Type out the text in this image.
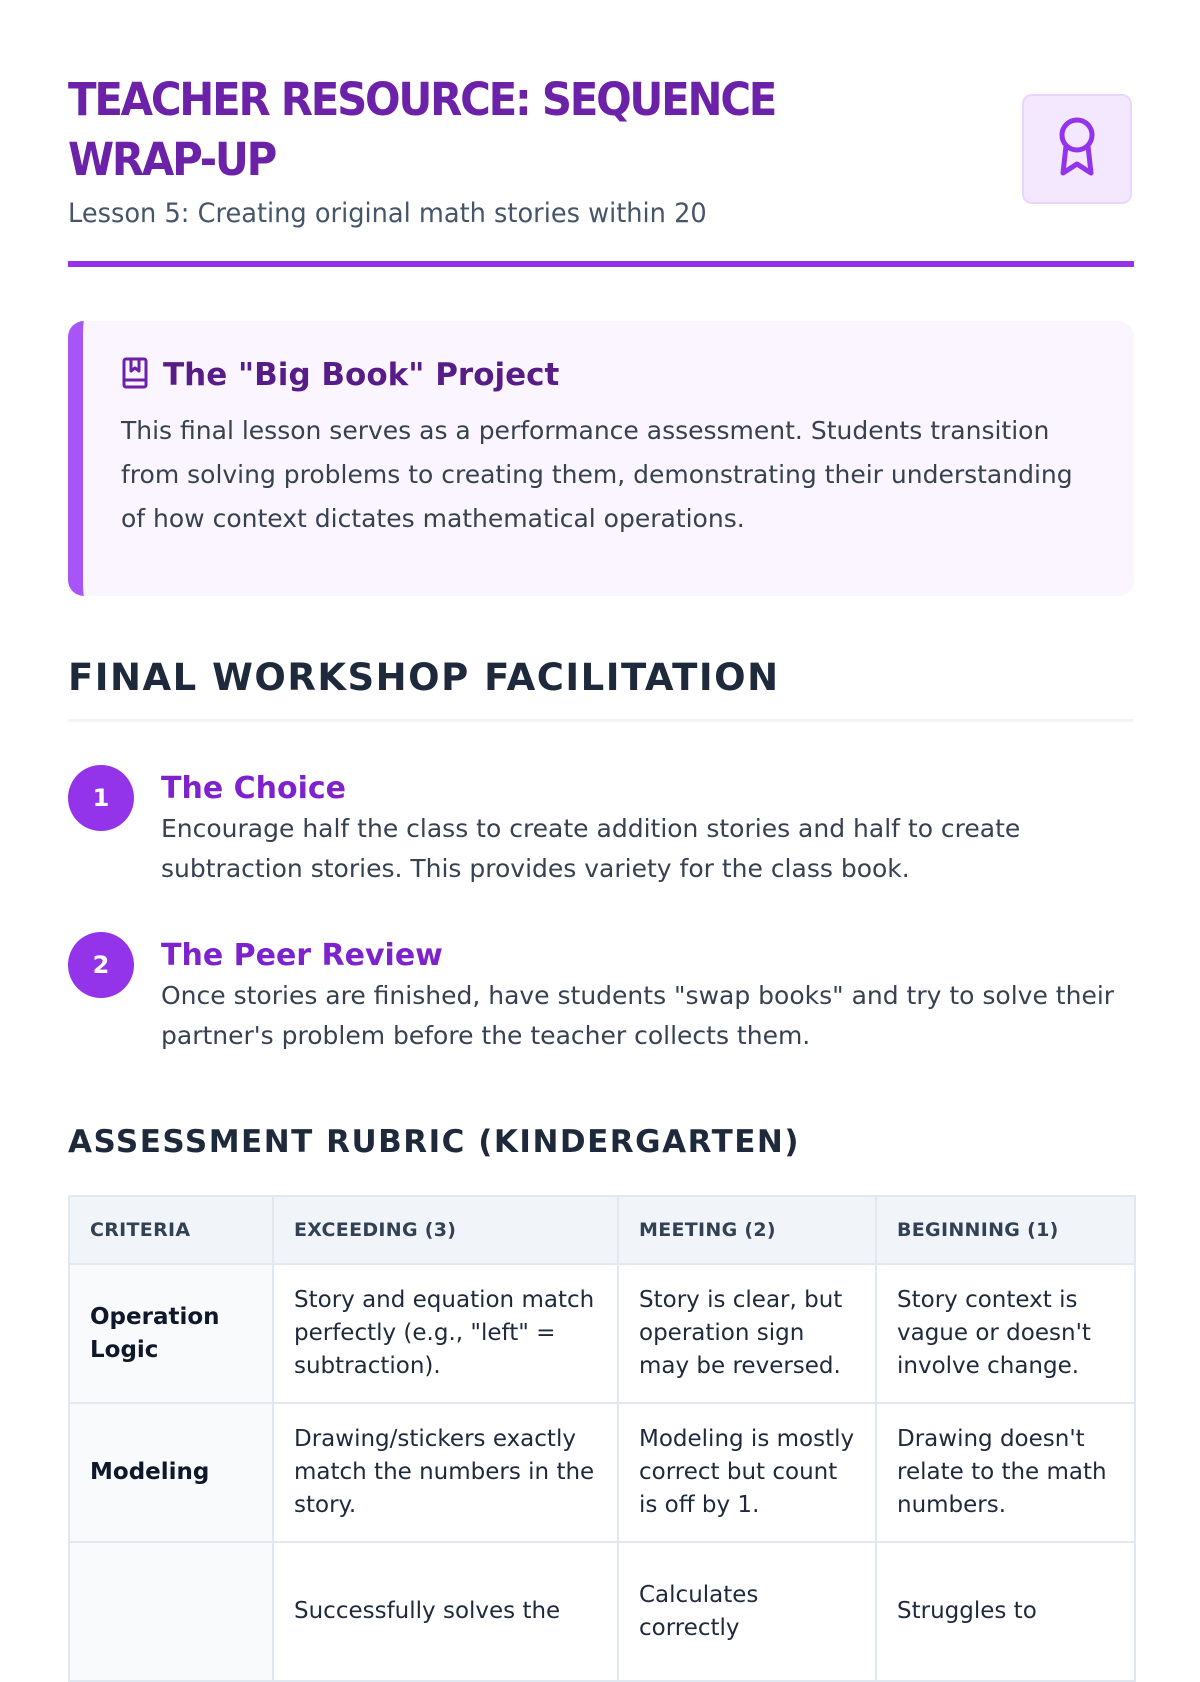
TEACHER RESOURCE: SEQUENCE WRAP-UP
Lesson 5: Creating original math stories within 20
The "Big Book" Project
This final lesson serves as a performance assessment. Students transition from solving problems to creating them, demonstrating their understanding of how context dictates mathematical operations.
FINAL WORKSHOP FACILITATION
1	The Choice
Encourage half the class to create addition stories and half to create subtraction stories. This provides variety for the class book.
2	The Peer Review
Once stories are finished, have students "swap books" and try to solve their partner's problem before the teacher collects them.
ASSESSMENT RUBRIC (KINDERGARTEN)
CRITERIA	EXCEEDING (3)	MEETING (2)	BEGINNING (1)
Operation Logic	Story and equation match perfectly (e.g., "left" = subtraction).	Story is clear, but operation sign may be reversed.	Story context is vague or doesn't involve change.
Modeling	Drawing/stickers exactly match the numbers in the story.	Modeling is mostly correct but count is off by 1.	Drawing doesn't relate to the math numbers.
	Successfully solves the	Calculates correctly	Struggles to
